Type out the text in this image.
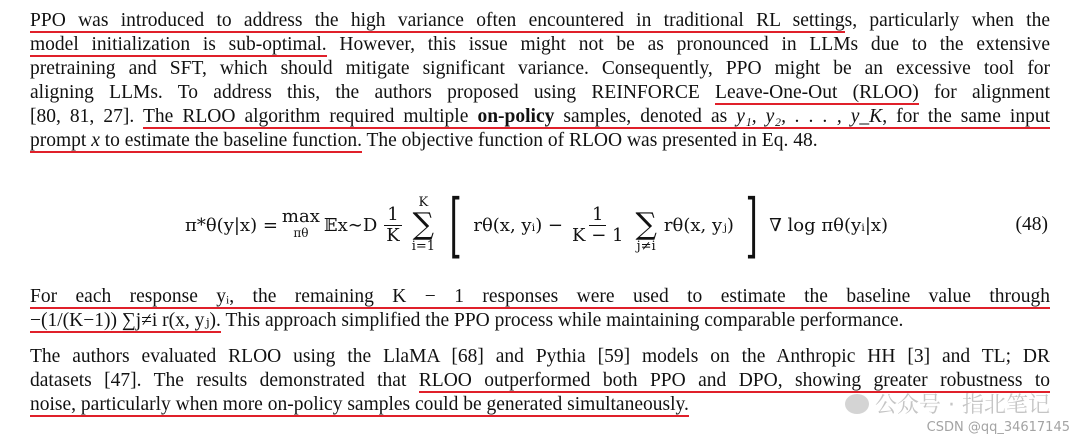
PPO was introduced to address the high variance often encountered in traditional RL settings, particularly when the
model initialization is sub-optimal. However, this issue might not be as pronounced in LLMs due to the extensive
pretraining and SFT, which should mitigate significant variance. Consequently, PPO might be an excessive tool for
aligning LLMs. To address this, the authors proposed using REINFORCE Leave-One-Out (RLOO) for alignment
[80, 81, 27]. The RLOO algorithm required multiple on-policy samples, denoted as y₁, y₂, . . . , y_K, for the same input
prompt x to estimate the baseline function. The objective function of RLOO was presented in Eq. 48.
π*θ(y|x) = max
πθ 𝔼x∼D $\frac{1}{K}$
K
∑
i=1 [ rθ(x, yᵢ) − $\frac{1}{K - 1}$
∑
j≠i
rθ(x, yⱼ) ] ∇ log πθ(yᵢ|x)	(48)
For each response yᵢ, the remaining K − 1 responses were used to estimate the baseline value through
−(1/(K−1)) ∑j≠i r(x, yⱼ). This approach simplified the PPO process while maintaining comparable performance.
The authors evaluated RLOO using the LlaMA [68] and Pythia [59] models on the Anthropic HH [3] and TL; DR
datasets [47]. The results demonstrated that RLOO outperformed both PPO and DPO, showing greater robustness to
noise, particularly when more on-policy samples could be generated simultaneously.	公众号 · 指北笔记
CSDN @qq_34617145
